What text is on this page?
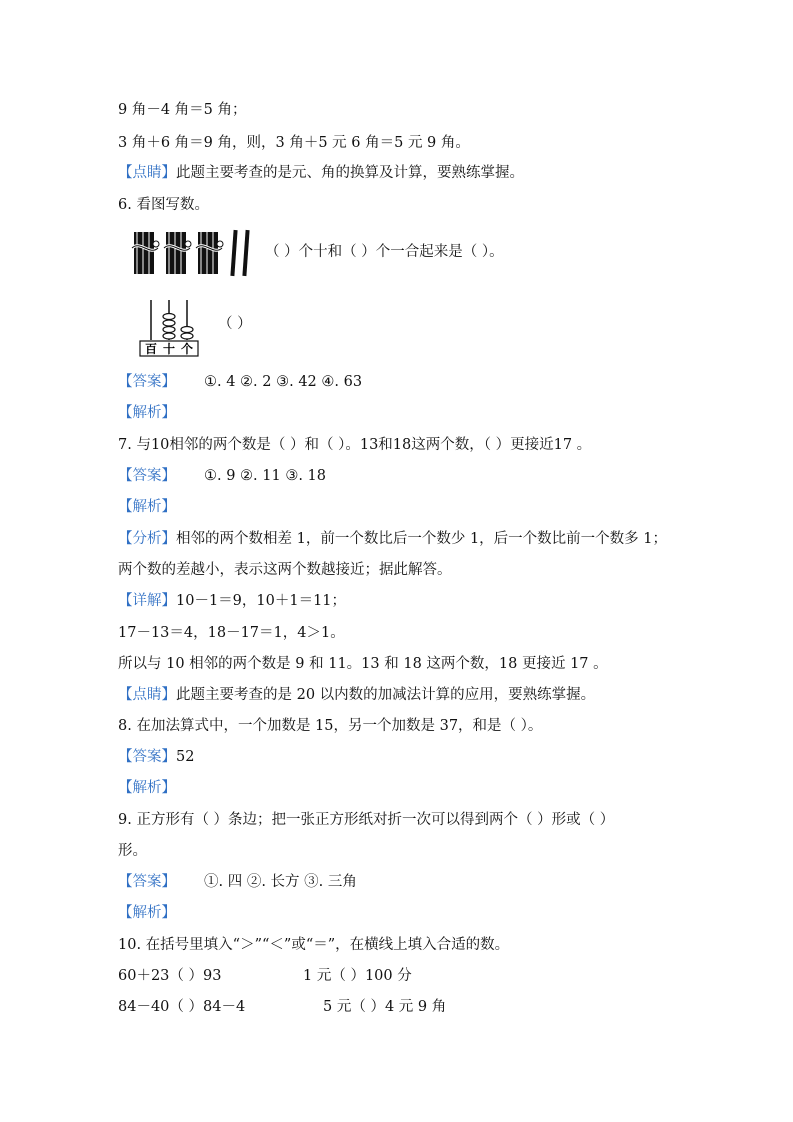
9 角－4 角＝5 角；
3 角＋6 角＝9 角，则，3 角＋5 元 6 角＝5 元 9 角。
【点睛】此题主要考查的是元、角的换算及计算，要熟练掌握。
6. 看图写数。
（ ）个十和（ ）个一合起来是（ ）。
百 十 个
（ ）
【答案】 ①. 4 ②. 2 ③. 42 ④. 63
【解析】
7. 与10相邻的两个数是（ ）和（ ）。13和18这两个数，（ ）更接近17 。
【答案】 ①. 9 ②. 11 ③. 18
【解析】
【分析】相邻的两个数相差 1，前一个数比后一个数少 1，后一个数比前一个数多 1；
两个数的差越小，表示这两个数越接近；据此解答。
【详解】10－1＝9，10＋1＝11；
17－13＝4，18－17＝1，4＞1。
所以与 10 相邻的两个数是 9 和 11。13 和 18 这两个数，18 更接近 17 。
【点睛】此题主要考查的是 20 以内数的加减法计算的应用，要熟练掌握。
8. 在加法算式中，一个加数是 15，另一个加数是 37，和是（ ）。
【答案】52
【解析】
9. 正方形有（ ）条边；把一张正方形纸对折一次可以得到两个（ ）形或（ ）
形。
【答案】 ①. 四 ②. 长方 ③. 三角
【解析】
10. 在括号里填入“＞”“＜”或“＝”，在横线上填入合适的数。
60＋23（ ）93	1 元（ ）100 分
84－40（ ）84－4	5 元（ ）4 元 9 角
